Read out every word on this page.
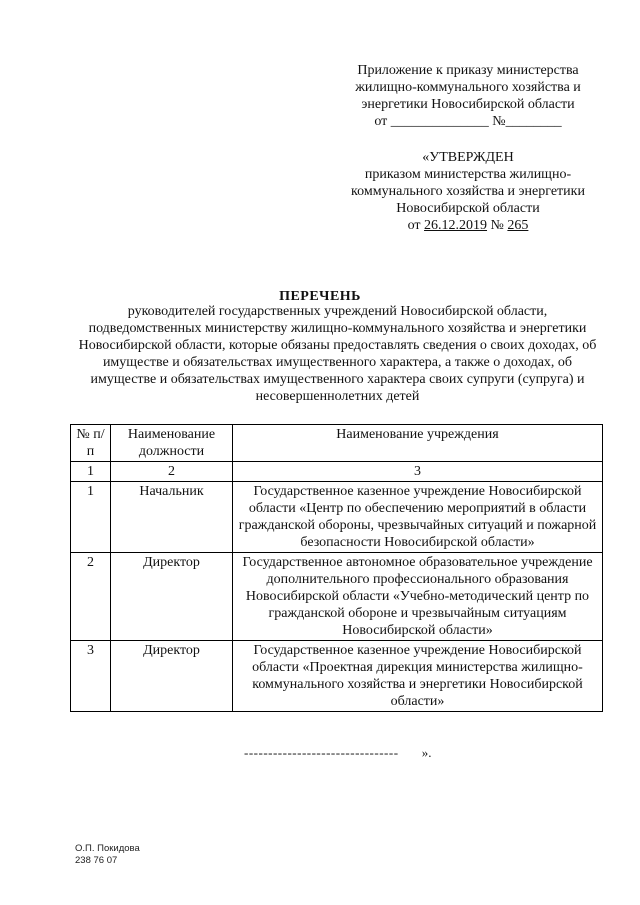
Приложение к приказу министерства
жилищно-коммунального хозяйства и
энергетики Новосибирской области
от ______________ №________
«УТВЕРЖДЕН
приказом министерства жилищно-
коммунального хозяйства и энергетики
Новосибирской области
от 26.12.2019 № 265
ПЕРЕЧЕНЬ
руководителей государственных учреждений Новосибирской области, подведомственных министерству жилищно-коммунального хозяйства и энергетики Новосибирской области, которые обязаны предоставлять сведения о своих доходах, об имуществе и обязательствах имущественного характера, а также о доходах, об имуществе и обязательствах имущественного характера своих супруги (супруга) и несовершеннолетних детей
№ п/п	Наименование должности	Наименование учреждения
1	2	3
1	Начальник	Государственное казенное учреждение Новосибирской области «Центр по обеспечению мероприятий в области гражданской обороны, чрезвычайных ситуаций и пожарной безопасности Новосибирской области»
2	Директор	Государственное автономное образовательное учреждение дополнительного профессионального образования Новосибирской области «Учебно-методический центр по гражданской обороне и чрезвычайным ситуациям Новосибирской области»
3	Директор	Государственное казенное учреждение Новосибирской области «Проектная дирекция министерства жилищно-коммунального хозяйства и энергетики Новосибирской области»
-------------------------------- ».
О.П. Покидова
238 76 07
